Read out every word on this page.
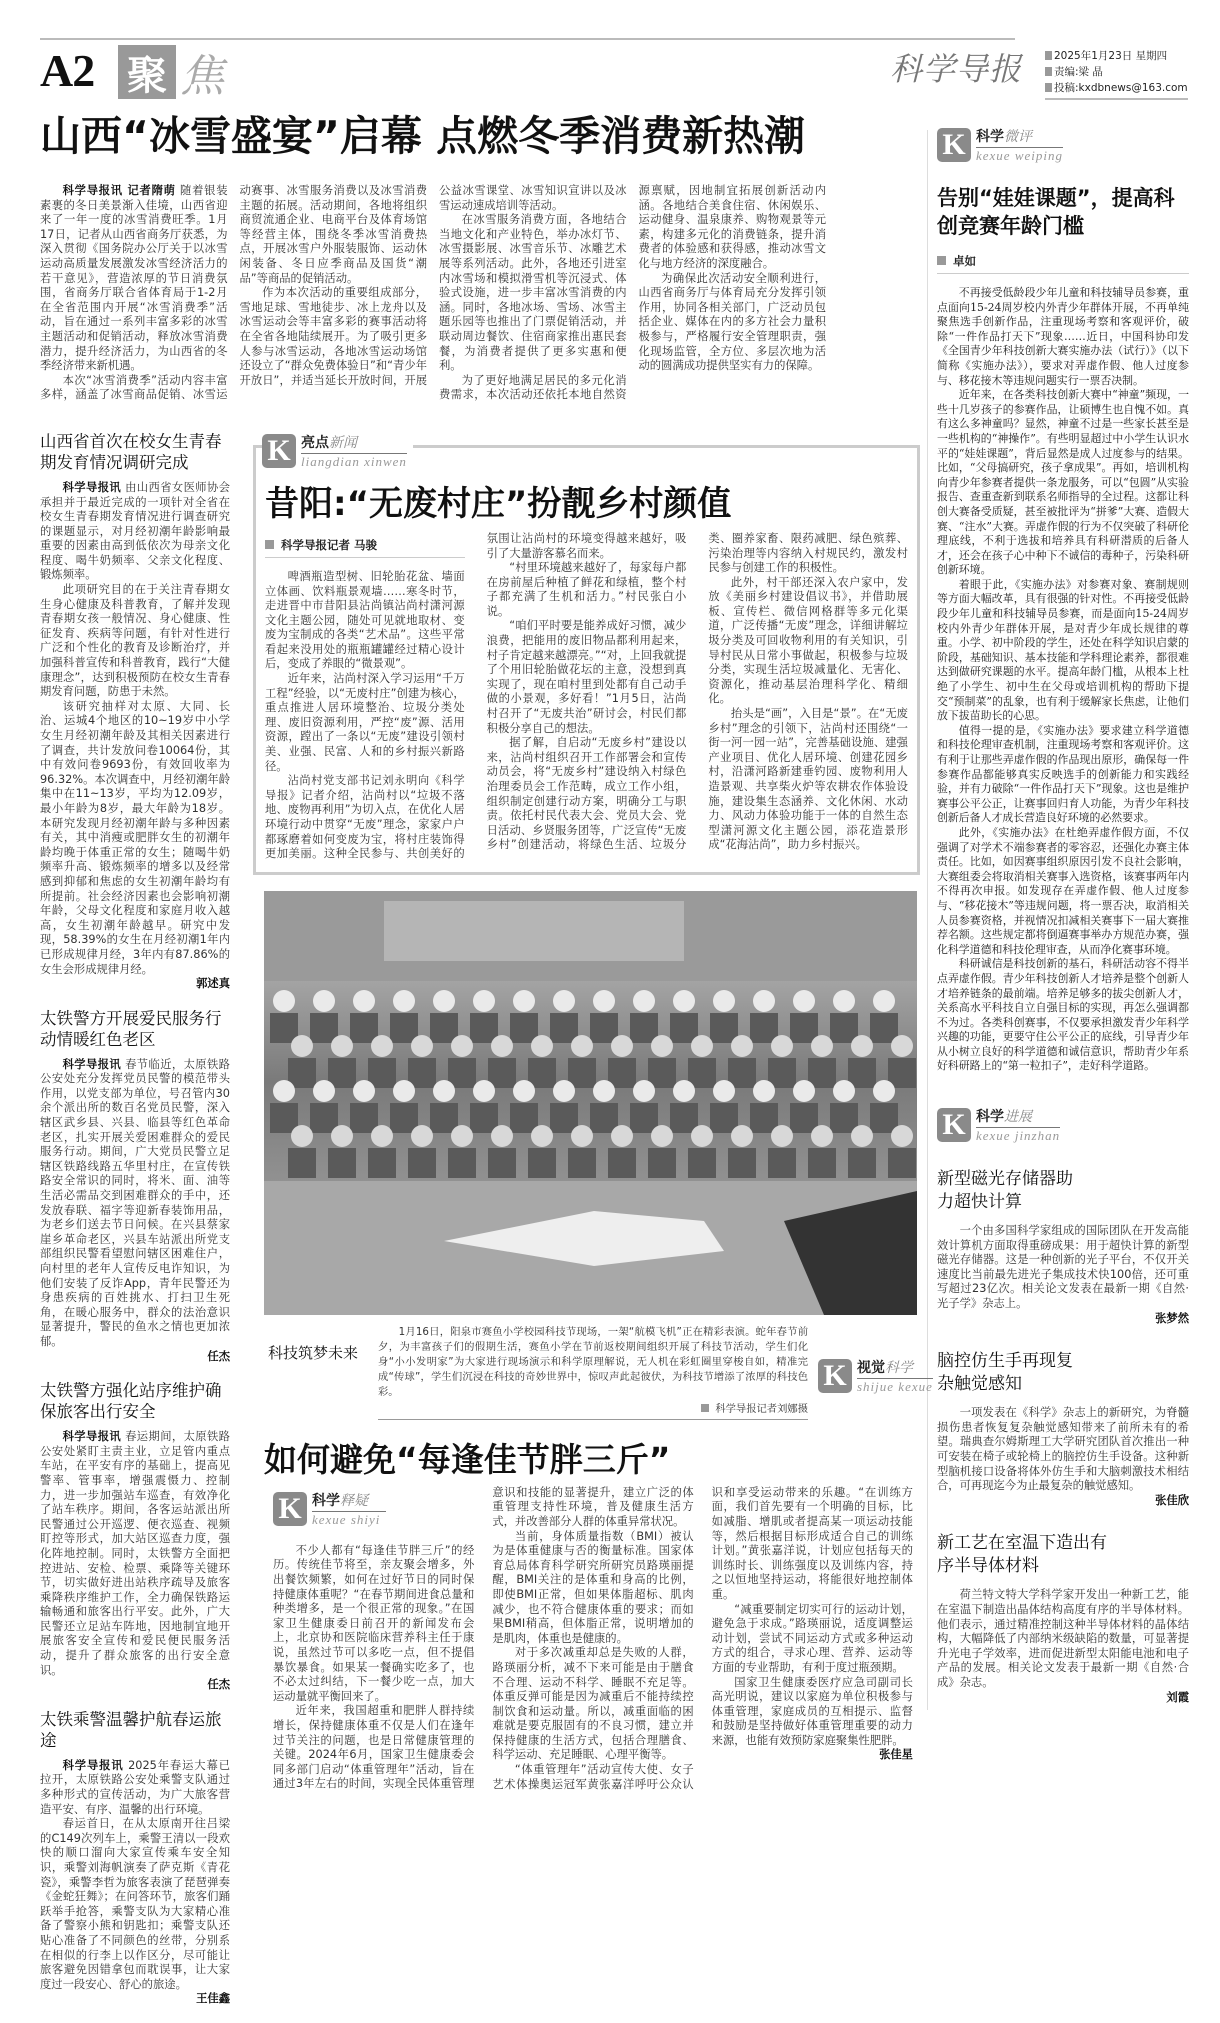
A2 聚 焦	科学导报	2025年1月23日 星期四
责编:梁 晶
投稿:kxdbnews@163.com
山西“冰雪盛宴”启幕 点燃冬季消费新热潮

科学导报讯 记者隋萌 随着银装素裹的冬日美景渐入佳境，山西省迎来了一年一度的冰雪消费旺季。1月17日，记者从山西省商务厅获悉，为深入贯彻《国务院办公厅关于以冰雪运动高质量发展激发冰雪经济活力的若干意见》，营造浓厚的节日消费氛围，省商务厅联合省体育局于1-2月在全省范围内开展“冰雪消费季”活动，旨在通过一系列丰富多彩的冰雪主题活动和促销活动，释放冰雪消费潜力，提升经济活力，为山西省的冬季经济带来新机遇。

本次“冰雪消费季”活动内容丰富多样，涵盖了冰雪商品促销、冰雪运动赛事、冰雪服务消费以及冰雪消费主题的拓展。活动期间，各地将组织商贸流通企业、电商平台及体育场馆等经营主体，围绕冬季冰雪消费热点，开展冰雪户外服装服饰、运动休闲装备、冬日应季商品及国货“潮品”等商品的促销活动。

作为本次活动的重要组成部分，雪地足球、雪地徒步、冰上龙舟以及冰雪运动会等丰富多彩的赛事活动将在全省各地陆续展开。为了吸引更多人参与冰雪运动，各地冰雪运动场馆还设立了“群众免费体验日”和“青少年开放日”，并适当延长开放时间，开展公益冰雪课堂、冰雪知识宣讲以及冰雪运动速成培训等活动。

在冰雪服务消费方面，各地结合当地文化和产业特色，举办冰灯节、冰雪摄影展、冰雪音乐节、冰雕艺术展等系列活动。此外，各地还引进室内冰雪场和模拟滑雪机等沉浸式、体验式设施，进一步丰富冰雪消费的内涵。同时，各地冰场、雪场、冰雪主题乐园等也推出了门票促销活动，并联动周边餐饮、住宿商家推出惠民套餐，为消费者提供了更多实惠和便利。

为了更好地满足居民的多元化消费需求，本次活动还依托本地自然资源禀赋，因地制宜拓展创新活动内涵。各地结合美食住宿、休闲娱乐、运动健身、温泉康养、购物观景等元素，构建多元化的消费链条，提升消费者的体验感和获得感，推动冰雪文化与地方经济的深度融合。

为确保此次活动安全顺利进行，山西省商务厅与体育局充分发挥引领作用，协同各相关部门，广泛动员包括企业、媒体在内的多方社会力量积极参与，严格履行安全管理职责，强化现场监管，全方位、多层次地为活动的圆满成功提供坚实有力的保障。

山西省首次在校女生青春期发育情况调研完成

科学导报讯 由山西省女医师协会承担并于最近完成的一项针对全省在校女生青春期发育情况进行调查研究的课题显示，对月经初潮年龄影响最重要的因素由高到低依次为母亲文化程度、喝牛奶频率、父亲文化程度、锻炼频率。

此项研究目的在于关注青春期女生身心健康及科普教育，了解并发现青春期女孩一般情况、身心健康、性征发育、疾病等问题，有针对性进行广泛和个性化的教育及诊断治疗，并加强科普宣传和科普教育，践行“大健康理念”，达到积极预防在校女生青春期发育问题，防患于未然。

该研究抽样对太原、大同、长治、运城4个地区的10~19岁中小学女生月经初潮年龄及其相关因素进行了调查，共计发放问卷10064份，其中有效问卷9693份，有效回收率为96.32%。本次调查中，月经初潮年龄集中在11~13岁，平均为12.09岁，最小年龄为8岁，最大年龄为18岁。本研究发现月经初潮年龄与多种因素有关，其中消瘦或肥胖女生的初潮年龄均晚于体重正常的女生；随喝牛奶频率升高、锻炼频率的增多以及经常感到抑郁和焦虑的女生初潮年龄均有所提前。社会经济因素也会影响初潮年龄，父母文化程度和家庭月收入越高，女生初潮年龄越早。研究中发现，58.39%的女生在月经初潮1年内已形成规律月经，3年内有87.86%的女生会形成规律月经。

郭述真
太铁警方开展爱民服务行动情暖红色老区

科学导报讯 春节临近，太原铁路公安处充分发挥党员民警的模范带头作用，以党支部为单位，号召管内30余个派出所的数百名党员民警，深入辖区武乡县、兴县、临县等红色革命老区，扎实开展关爱困难群众的爱民服务行动。期间，广大党员民警立足辖区铁路线路五华里村庄，在宣传铁路安全常识的同时，将米、面、油等生活必需品交到困难群众的手中，还发放春联、福字等迎新春装饰用品，为老乡们送去节日问候。在兴县蔡家崖乡革命老区，兴县车站派出所党支部组织民警看望慰问辖区困难住户，向村里的老年人宣传反电诈知识，为他们安装了反诈App，青年民警还为身患疾病的百姓挑水、打扫卫生死角，在暖心服务中，群众的法治意识显著提升，警民的鱼水之情也更加浓郁。

任杰
太铁警方强化站序维护确保旅客出行安全

科学导报讯 春运期间，太原铁路公安处紧盯主责主业，立足管内重点车站，在平安有序的基础上，提高见警率、管事率，增强震慑力、控制力，进一步加强站车巡查，有效净化了站车秩序。期间，各客运站派出所民警通过公开巡逻、便衣巡查、视频盯控等形式，加大站区巡查力度，强化阵地控制。同时，太铁警方全面把控进站、安检、检票、乘降等关键环节，切实做好进出站秩序疏导及旅客乘降秩序维护工作，全力确保铁路运输畅通和旅客出行平安。此外，广大民警还立足站车阵地，因地制宜地开展旅客安全宣传和爱民便民服务活动，提升了群众旅客的出行安全意识。

任杰
太铁乘警温馨护航春运旅途

科学导报讯 2025年春运大幕已拉开，太原铁路公安处乘警支队通过多种形式的宣传活动，为广大旅客营造平安、有序、温馨的出行环境。

春运首日，在从太原南开往吕梁的C149次列车上，乘警王清以一段欢快的顺口溜向大家宣传乘车安全知识，乘警刘海帆演奏了萨克斯《青花瓷》，乘警李哲为旅客表演了琵琶弹奏《金蛇狂舞》；在问答环节，旅客们踊跃举手抢答，乘警支队为大家精心准备了警察小熊和钥匙扣；乘警支队还贴心准备了不同颜色的丝带，分别系在相似的行李上以作区分，尽可能让旅客避免因错拿包而耽误事，让大家度过一段安心、舒心的旅途。

王佳鑫
K 亮点新闻
liangdian xinwen
昔阳:“无废村庄”扮靓乡村颜值
科学导报记者 马骏

啤酒瓶造型树、旧轮胎花盆、墙面立体画、饮料瓶景观墙……寒冬时节，走进晋中市昔阳县沾尚镇沾尚村潇河源文化主题公园，随处可见就地取材、变废为宝制成的各类“艺术品”。这些平常看起来没用处的瓶瓶罐罐经过精心设计后，变成了养眼的“微景观”。

近年来，沾尚村深入学习运用“千万工程”经验，以“无废村庄”创建为核心，重点推进人居环境整治、垃圾分类处理、废旧资源利用，严控“废”源、活用资源，蹚出了一条以“无废”建设引领村美、业强、民富、人和的乡村振兴新路径。

沾尚村党支部书记刘永明向《科学导报》记者介绍，沾尚村以“垃圾不落地、废物再利用”为切入点，在优化人居环境行动中贯穿“无废”理念，家家户户都琢磨着如何变废为宝，将村庄装饰得更加美丽。这种全民参与、共创美好的氛围让沾尚村的环境变得越来越好，吸引了大量游客慕名而来。

“村里环境越来越好了，每家每户都在房前屋后种植了鲜花和绿植，整个村子都充满了生机和活力。”村民张白小说。

“咱们平时要是能养成好习惯，减少浪费，把能用的废旧物品都利用起来，村子肯定越来越漂亮。”“对，上回我就提了个用旧轮胎做花坛的主意，没想到真实现了，现在咱村里到处都有自己动手做的小景观，多好看！”1月5日，沾尚村召开了“无废共治”研讨会，村民们都积极分享自己的想法。

据了解，自启动“无废乡村”建设以来，沾尚村组织召开工作部署会和宣传动员会，将“无废乡村”建设纳入村绿色治理委员会工作范畴，成立工作小组，组织制定创建行动方案，明确分工与职责。依托村民代表大会、党员大会、党日活动、乡贤服务团等，广泛宣传“无废乡村”创建活动，将绿色生活、垃圾分类、圈养家畜、限药减肥、绿色殡葬、污染治理等内容纳入村规民约，激发村民参与创建工作的积极性。

此外，村干部还深入农户家中，发放《美丽乡村建设倡议书》，并借助展板、宣传栏、微信网格群等多元化渠道，广泛传播“无废”理念，详细讲解垃圾分类及可回收物利用的有关知识，引导村民从日常小事做起，积极参与垃圾分类，实现生活垃圾减量化、无害化、资源化，推动基层治理科学化、精细化。

抬头是“画”，入目是“景”。在“无废乡村”理念的引领下，沾尚村还围绕“一街一河一园一站”，完善基础设施、建强产业项目、优化人居环境、创建花园乡村，沿潇河路新建垂钓园、废物利用人造景观、共享柴火炉等农耕农作体验设施，建设集生态涵养、文化休闲、水动力、风动力体验功能于一体的自然生态型潇河源文化主题公园，添花造景形成“花海沾尚”，助力乡村振兴。

科技筑梦未来

1月16日，阳泉市赛鱼小学校园科技节现场，一架“航模飞机”正在精彩表演。蛇年春节前夕，为丰富孩子们的假期生活，赛鱼小学在节前返校期间组织开展了科技节活动，学生们化身“小小发明家”为大家进行现场演示和科学原理解说，无人机在彩虹圈里穿梭自如，精准完成“传球”，学生们沉浸在科技的奇妙世界中，惊叹声此起彼伏，为科技节增添了浓厚的科技色彩。

科学导报记者刘娜摄
K 视觉科学
shijue kexue
如何避免“每逢佳节胖三斤”
K 科学释疑
kexue shiyi

不少人都有“每逢佳节胖三斤”的经历。传统佳节将至，亲友聚会增多，外出餐饮频繁，如何在过好节日的同时保持健康体重呢？“在春节期间进食总量和种类增多，是一个很正常的现象。”在国家卫生健康委日前召开的新闻发布会上，北京协和医院临床营养科主任于康说，虽然过节可以多吃一点，但不提倡暴饮暴食。如果某一餐确实吃多了，也不必太过纠结，下一餐少吃一点，加大运动量就平衡回来了。

近年来，我国超重和肥胖人群持续增长，保持健康体重不仅是人们在逢年过节关注的问题，也是日常健康管理的关键。2024年6月，国家卫生健康委会同多部门启动“体重管理年”活动，旨在通过3年左右的时间，实现全民体重管理意识和技能的显著提升，建立广泛的体重管理支持性环境，普及健康生活方式，并改善部分人群的体重异常状况。

当前，身体质量指数（BMI）被认为是体重健康与否的衡量标准。国家体育总局体育科学研究所研究员路瑛丽提醒，BMI关注的是体重和身高的比例，即使BMI正常，但如果体脂超标、肌肉减少，也不符合健康体重的要求；而如果BMI稍高，但体脂正常，说明增加的是肌肉，体重也是健康的。

对于多次减重却总是失败的人群，路瑛丽分析，减不下来可能是由于膳食不合理、运动不科学、睡眠不充足等。体重反弹可能是因为减重后不能持续控制饮食和运动量。所以，减重面临的困难就是要克服固有的不良习惯，建立并保持健康的生活方式，包括合理膳食、科学运动、充足睡眠、心理平衡等。

“体重管理年”活动宣传大使、女子艺术体操奥运冠军黄张嘉洋呼吁公众认识和享受运动带来的乐趣。“在训练方面，我们首先要有一个明确的目标，比如减脂、增肌或者提高某一项运动技能等，然后根据目标形成适合自己的训练计划。”黄张嘉洋说，计划应包括每天的训练时长、训练强度以及训练内容，持之以恒地坚持运动，将能很好地控制体重。

“减重要制定切实可行的运动计划，避免急于求成。”路瑛丽说，适度调整运动计划，尝试不同运动方式或多种运动方式的组合，寻求心理、营养、运动等方面的专业帮助，有利于度过瓶颈期。

国家卫生健康委医疗应急司副司长高光明说，建议以家庭为单位积极参与体重管理，家庭成员的互相提示、监督和鼓励是坚持做好体重管理重要的动力来源，也能有效预防家庭聚集性肥胖。

张佳星
K 科学微评
kexue weiping
告别“娃娃课题”，提高科创竞赛年龄门槛
卓如

不再接受低龄段少年儿童和科技辅导员参赛，重点面向15-24周岁校内外青少年群体开展，不再单纯聚焦选手创新作品，注重现场考察和客观评价，破除“一件作品打天下”现象……近日，中国科协印发《全国青少年科技创新大赛实施办法（试行）》（以下简称《实施办法》），要求对弄虚作假、他人过度参与、移花接木等违规问题实行一票否决制。

近年来，在各类科技创新大赛中“神童”频现，一些十几岁孩子的参赛作品，让硕博生也自愧不如。真有这么多神童吗？显然，神童不过是一些家长甚至是一些机构的“神操作”。有些明显超过中小学生认识水平的“娃娃课题”，背后显然是成人过度参与的结果。比如，“父母搞研究，孩子拿成果”。再如，培训机构向青少年参赛者提供一条龙服务，可以“包圆”从实验报告、查重查新到联系名师指导的全过程。这都让科创大赛备受质疑，甚至被批评为“拼爹”大赛、造假大赛、“注水”大赛。弄虚作假的行为不仅突破了科研伦理底线，不利于选拔和培养具有科研潜质的后备人才，还会在孩子心中种下不诚信的毒种子，污染科研创新环境。

着眼于此，《实施办法》对参赛对象、赛制规则等方面大幅改革，具有很强的针对性。不再接受低龄段少年儿童和科技辅导员参赛，而是面向15-24周岁校内外青少年群体开展，是对青少年成长规律的尊重。小学、初中阶段的学生，还处在科学知识启蒙的阶段，基础知识、基本技能和学科理论素养，都很难达到做研究课题的水平。提高年龄门槛，从根本上杜绝了小学生、初中生在父母或培训机构的帮助下提交“预制菜”的乱象，也有利于缓解家长焦虑，让他们放下拔苗助长的心思。

值得一提的是，《实施办法》要求建立科学道德和科技伦理审查机制，注重现场考察和客观评价。这有利于让那些弄虚作假的作品现出原形，确保每一件参赛作品都能够真实反映选手的创新能力和实践经验，并有力破除“一件作品打天下”现象。这也是维护赛事公平公正，让赛事回归育人功能，为青少年科技创新后备人才成长营造良好环境的必然要求。

此外，《实施办法》在杜绝弄虚作假方面，不仅强调了对学术不端参赛者的零容忍，还强化办赛主体责任。比如，如因赛事组织原因引发不良社会影响，大赛组委会将取消相关赛事入选资格，该赛事两年内不得再次申报。如发现存在弄虚作假、他人过度参与、“移花接木”等违规问题，将一票否决，取消相关人员参赛资格，并视情况扣减相关赛事下一届大赛推荐名额。这些规定都将倒逼赛事举办方规范办赛，强化科学道德和科技伦理审查，从而净化赛事环境。

科研诚信是科技创新的基石，科研活动容不得半点弄虚作假。青少年科技创新人才培养是整个创新人才培养链条的最前端。培养足够多的拔尖创新人才，关系高水平科技自立自强目标的实现，再怎么强调都不为过。各类科创赛事，不仅要承担激发青少年科学兴趣的功能，更要守住公平公正的底线，引导青少年从小树立良好的科学道德和诚信意识，帮助青少年系好科研路上的“第一粒扣子”，走好科学道路。

K 科学进展
kexue jinzhan
新型磁光存储器助力超快计算

一个由多国科学家组成的国际团队在开发高能效计算机方面取得重磅成果：用于超快计算的新型磁光存储器。这是一种创新的光子平台，不仅开关速度比当前最先进光子集成技术快100倍，还可重写超过23亿次。相关论文发表在最新一期《自然·光子学》杂志上。

张梦然
脑控仿生手再现复杂触觉感知

一项发表在《科学》杂志上的新研究，为脊髓损伤患者恢复复杂触觉感知带来了前所未有的希望。瑞典查尔姆斯理工大学研究团队首次推出一种可安装在椅子或轮椅上的脑控仿生手设备。这种新型脑机接口设备将体外仿生手和大脑刺激技术相结合，可再现迄今为止最复杂的触觉感知。

张佳欣
新工艺在室温下造出有序半导体材料

荷兰特文特大学科学家开发出一种新工艺，能在室温下制造出晶体结构高度有序的半导体材料。他们表示，通过精准控制这种半导体材料的晶体结构，大幅降低了内部纳米级缺陷的数量，可显著提升光电子学效率，进而促进新型太阳能电池和电子产品的发展。相关论文发表于最新一期《自然·合成》杂志。

刘霞
